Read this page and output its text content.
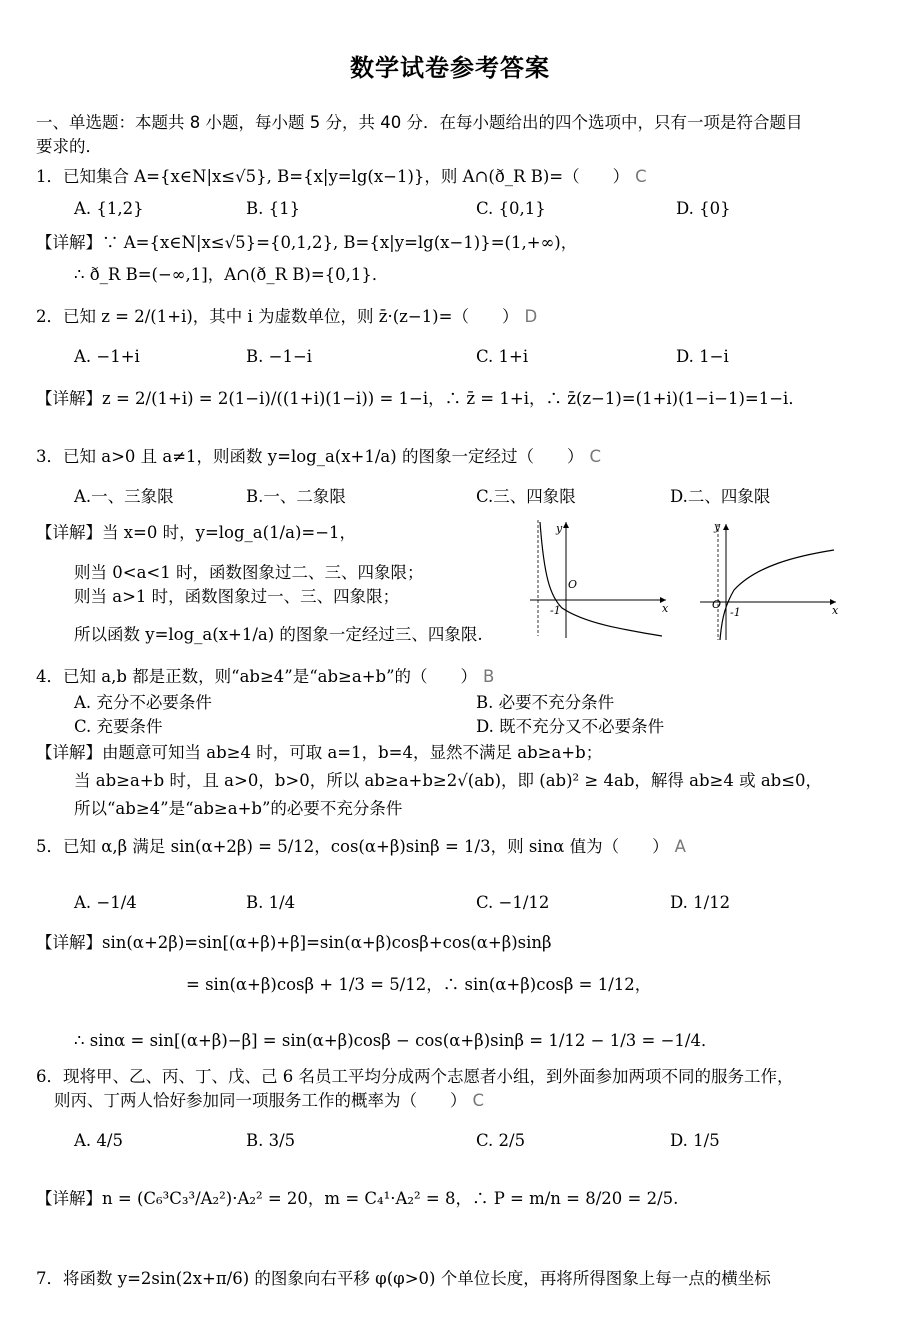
数学试卷参考答案
一、单选题：本题共 8 小题，每小题 5 分，共 40 分．在每小题给出的四个选项中，只有一项是符合题目
要求的．
1．已知集合 A={x∈N|x≤√5}, B={x|y=lg(x−1)}，则 A∩(ð_R B)=（　　） C
A. {1,2}	B. {1}	C. {0,1}	D. {0}
【详解】∵ A={x∈N|x≤√5}={0,1,2}, B={x|y=lg(x−1)}=(1,+∞)，
∴ ð_R B=(−∞,1]，A∩(ð_R B)={0,1}．
2．已知 z = 2/(1+i)，其中 i 为虚数单位，则 z̄·(z−1)=（　　） D
A. −1+i	B. −1−i	C. 1+i	D. 1−i
【详解】z = 2/(1+i) = 2(1−i)/((1+i)(1−i)) = 1−i，∴ z̄ = 1+i，∴ z̄(z−1)=(1+i)(1−i−1)=1−i．
3．已知 a>0 且 a≠1，则函数 y=log_a(x+1/a) 的图象一定经过（　　） C
A.一、三象限	B.一、二象限	C.三、四象限	D.二、四象限
【详解】当 x=0 时，y=log_a(1/a)=−1，
则当 0<a<1 时，函数图象过二、三、四象限；
则当 a>1 时，函数图象过一、三、四象限；
所以函数 y=log_a(x+1/a) 的图象一定经过三、四象限.
y
x
O
-1
y
x
O
-1
4．已知 a,b 都是正数，则“ab≥4”是“ab≥a+b”的（　　） B
A. 充分不必要条件	B. 必要不充分条件
C. 充要条件	D. 既不充分又不必要条件
【详解】由题意可知当 ab≥4 时，可取 a=1，b=4，显然不满足 ab≥a+b；
当 ab≥a+b 时，且 a>0，b>0，所以 ab≥a+b≥2√(ab)，即 (ab)² ≥ 4ab，解得 ab≥4 或 ab≤0，
所以“ab≥4”是“ab≥a+b”的必要不充分条件
5．已知 α,β 满足 sin(α+2β) = 5/12，cos(α+β)sinβ = 1/3，则 sinα 值为（　　） A
A. −1/4	B. 1/4	C. −1/12	D. 1/12
【详解】sin(α+2β)=sin[(α+β)+β]=sin(α+β)cosβ+cos(α+β)sinβ
= sin(α+β)cosβ + 1/3 = 5/12，∴ sin(α+β)cosβ = 1/12，
∴ sinα = sin[(α+β)−β] = sin(α+β)cosβ − cos(α+β)sinβ = 1/12 − 1/3 = −1/4．
6．现将甲、乙、丙、丁、戊、己 6 名员工平均分成两个志愿者小组，到外面参加两项不同的服务工作，
则丙、丁两人恰好参加同一项服务工作的概率为（　　） C
A. 4/5	B. 3/5	C. 2/5	D. 1/5
【详解】n = (C₆³C₃³/A₂²)·A₂² = 20，m = C₄¹·A₂² = 8，∴ P = m/n = 8/20 = 2/5.
7．将函数 y=2sin(2x+π/6) 的图象向右平移 φ(φ>0) 个单位长度，再将所得图象上每一点的横坐标
